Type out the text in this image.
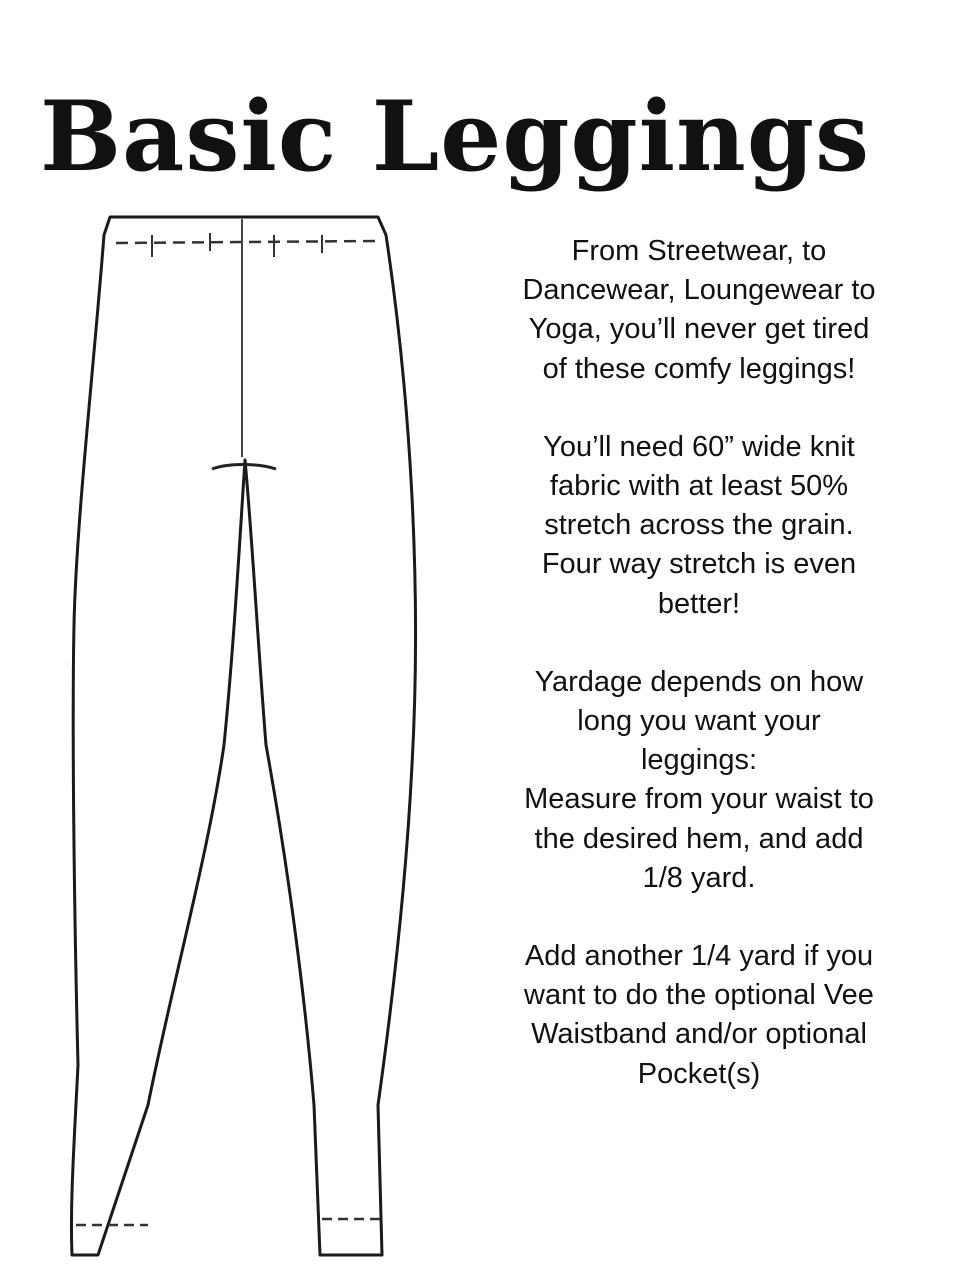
Basic Leggings

From Streetwear, to
Dancewear, Loungewear to
Yoga, you’ll never get tired
of these comfy leggings!

You’ll need 60” wide knit
fabric with at least 50%
stretch across the grain.
Four way stretch is even
better!

Yardage depends on how
long you want your
leggings:
Measure from your waist to
the desired hem, and add
1/8 yard.

Add another 1/4 yard if you
want to do the optional Vee
Waistband and/or optional
Pocket(s)
